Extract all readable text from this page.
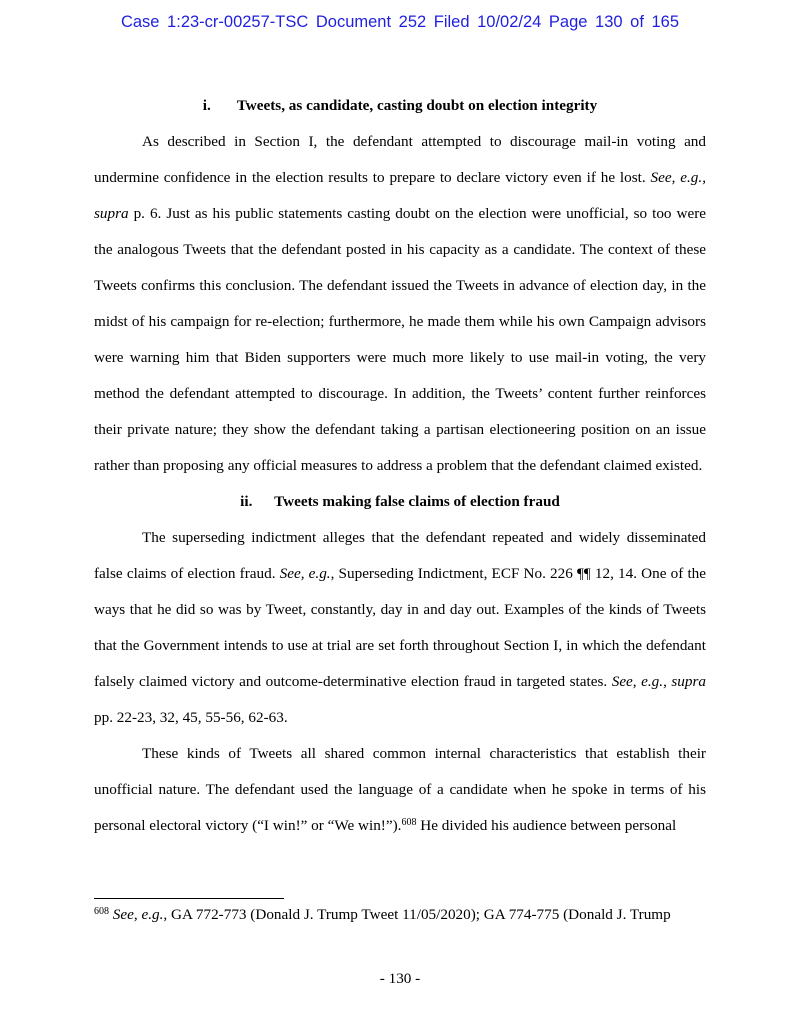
Case 1:23-cr-00257-TSC Document 252 Filed 10/02/24 Page 130 of 165
i. Tweets, as candidate, casting doubt on election integrity

As described in Section I, the defendant attempted to discourage mail-in voting and undermine confidence in the election results to prepare to declare victory even if he lost. See, e.g., supra p. 6. Just as his public statements casting doubt on the election were unofficial, so too were the analogous Tweets that the defendant posted in his capacity as a candidate. The context of these Tweets confirms this conclusion. The defendant issued the Tweets in advance of election day, in the midst of his campaign for re-election; furthermore, he made them while his own Campaign advisors were warning him that Biden supporters were much more likely to use mail-in voting, the very method the defendant attempted to discourage. In addition, the Tweets’ content further reinforces their private nature; they show the defendant taking a partisan electioneering position on an issue rather than proposing any official measures to address a problem that the defendant claimed existed.

ii. Tweets making false claims of election fraud

The superseding indictment alleges that the defendant repeated and widely disseminated false claims of election fraud. See, e.g., Superseding Indictment, ECF No. 226 ¶¶ 12, 14. One of the ways that he did so was by Tweet, constantly, day in and day out. Examples of the kinds of Tweets that the Government intends to use at trial are set forth throughout Section I, in which the defendant falsely claimed victory and outcome-determinative election fraud in targeted states. See, e.g., supra pp. 22-23, 32, 45, 55-56, 62-63.

These kinds of Tweets all shared common internal characteristics that establish their unofficial nature. The defendant used the language of a candidate when he spoke in terms of his personal electoral victory (“I win!” or “We win!”).$^{608}$ He divided his audience between personal

$^{608}$ See, e.g., GA 772-773 (Donald J. Trump Tweet 11/05/2020); GA 774-775 (Donald J. Trump
- 130 -
